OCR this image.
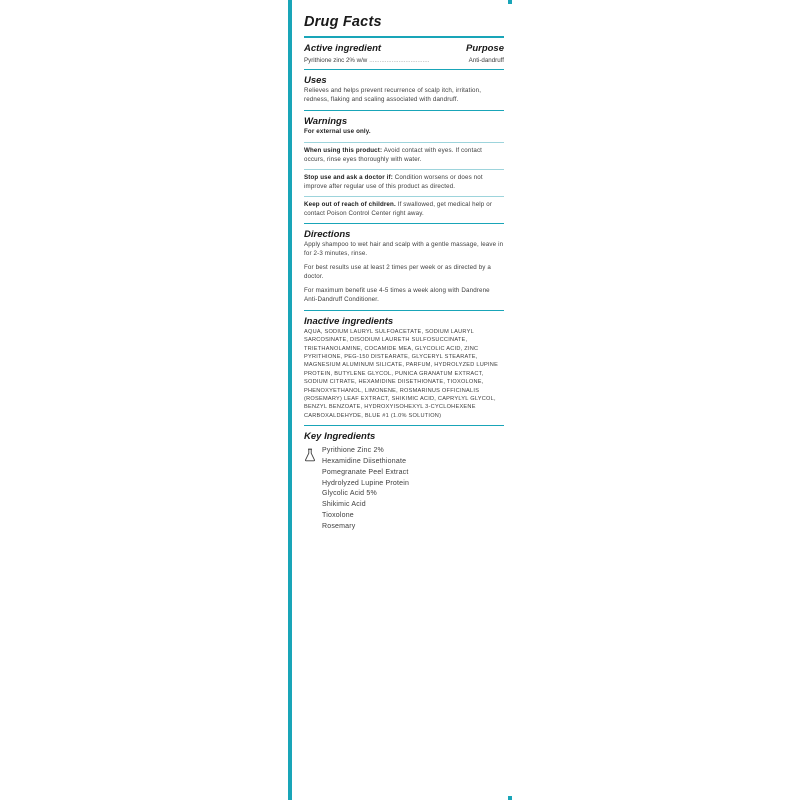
Drug Facts
Active ingredient	Purpose
Pyrithione zinc 2% w/w ...................................	Anti-dandruff
Uses
Relieves and helps prevent recurrence of scalp itch, irritation, redness, flaking and scaling associated with dandruff.
Warnings
For external use only.
When using this product: Avoid contact with eyes. If contact occurs, rinse eyes thoroughly with water.
Stop use and ask a doctor if: Condition worsens or does not improve after regular use of this product as directed.
Keep out of reach of children. If swallowed, get medical help or contact Poison Control Center right away.
Directions
Apply shampoo to wet hair and scalp with a gentle massage, leave in for 2-3 minutes, rinse.
For best results use at least 2 times per week or as directed by a doctor.
For maximum benefit use 4-5 times a week along with Dandrene Anti-Dandruff Conditioner.
Inactive ingredients
AQUA, SODIUM LAURYL SULFOACETATE, SODIUM LAURYL SARCOSINATE, DISODIUM LAURETH SULFOSUCCINATE, TRIETHANOLAMINE, COCAMIDE MEA, GLYCOLIC ACID, ZINC PYRITHIONE, PEG-150 DISTEARATE, GLYCERYL STEARATE, MAGNESIUM ALUMINUM SILICATE, PARFUM, HYDROLYZED LUPINE PROTEIN, BUTYLENE GLYCOL, PUNICA GRANATUM EXTRACT, SODIUM CITRATE, HEXAMIDINE DIISETHIONATE, TIOXOLONE, PHENOXYETHANOL, LIMONENE, ROSMARINUS OFFICINALIS (ROSEMARY) LEAF EXTRACT, SHIKIMIC ACID, CAPRYLYL GLYCOL, BENZYL BENZOATE, HYDROXYISOHEXYL 3-CYCLOHEXENE CARBOXALDEHYDE, BLUE #1 (1.0% SOLUTION)
Key Ingredients
Pyrithione Zinc 2%
Hexamidine Diisethionate
Pomegranate Peel Extract
Hydrolyzed Lupine Protein
Glycolic Acid 5%
Shikimic Acid
Tioxolone
Rosemary
